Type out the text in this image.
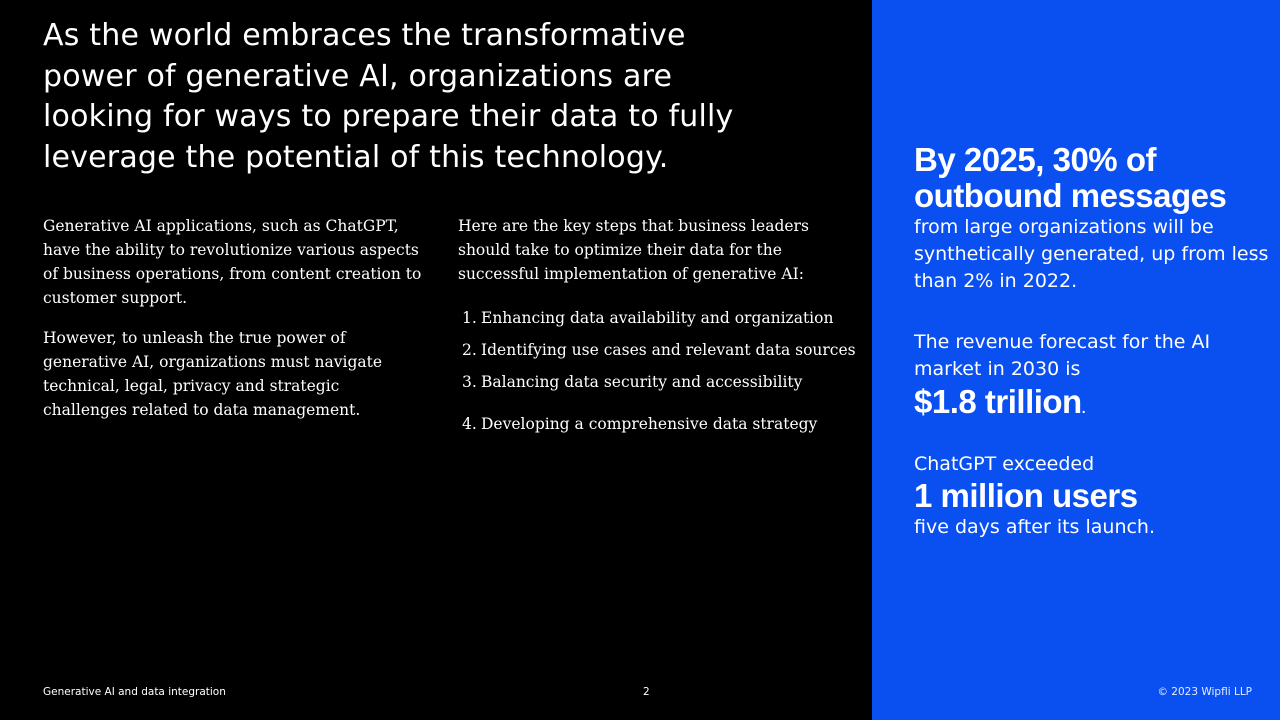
As the world embraces the transformative
power of generative AI, organizations are
looking for ways to prepare their data to fully
leverage the potential of this technology.

Generative AI applications, such as ChatGPT, have the ability to revolutionize various aspects of business operations, from content creation to customer support.

However, to unleash the true power of generative AI, organizations must navigate technical, legal, privacy and strategic challenges related to data management.

Here are the key steps that business leaders should take to optimize their data for the successful implementation of generative AI:

1. Enhancing data availability and organization
2. Identifying use cases and relevant data sources
3. Balancing data security and accessibility
4. Developing a comprehensive data strategy
Generative AI and data integration	2

By 2025, 30% of
outbound messages

from large organizations will be synthetically generated, up from less than 2% in 2022.

The revenue forecast for the AI market in 2030 is

$1.8 trillion.

ChatGPT exceeded

1 million users

five days after its launch.

© 2023 Wipfli LLP
